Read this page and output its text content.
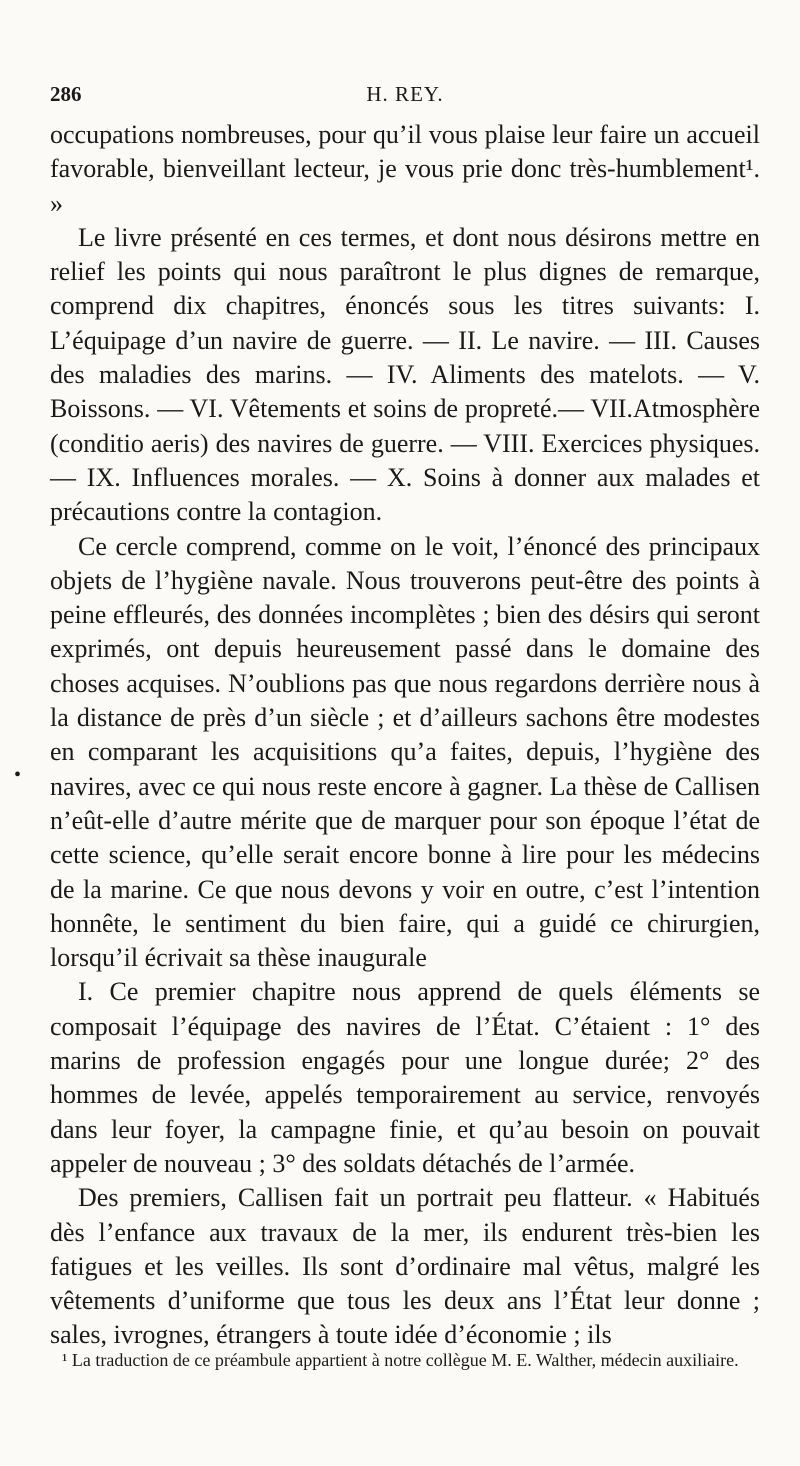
286	H. REY.

occupations nombreuses, pour qu’il vous plaise leur faire un accueil favorable, bienveillant lecteur, je vous prie donc très-humblement¹. »

Le livre présenté en ces termes, et dont nous désirons mettre en relief les points qui nous paraîtront le plus dignes de remarque, comprend dix chapitres, énoncés sous les titres suivants: I. L’équipage d’un navire de guerre. — II. Le navire. — III. Causes des maladies des marins. — IV. Aliments des matelots. — V. Boissons. — VI. Vêtements et soins de propreté.— VII.Atmosphère (conditio aeris) des navires de guerre. — VIII. Exercices physiques. — IX. Influences morales. — X. Soins à donner aux malades et précautions contre la contagion.

Ce cercle comprend, comme on le voit, l’énoncé des principaux objets de l’hygiène navale. Nous trouverons peut-être des points à peine effleurés, des données incomplètes ; bien des désirs qui seront exprimés, ont depuis heureusement passé dans le domaine des choses acquises. N’oublions pas que nous regardons derrière nous à la distance de près d’un siècle ; et d’ailleurs sachons être modestes en comparant les acquisitions qu’a faites, depuis, l’hygiène des navires, avec ce qui nous reste encore à gagner. La thèse de Callisen n’eût-elle d’autre mérite que de marquer pour son époque l’état de cette science, qu’elle serait encore bonne à lire pour les médecins de la marine. Ce que nous devons y voir en outre, c’est l’intention honnête, le sentiment du bien faire, qui a guidé ce chirurgien, lorsqu’il écrivait sa thèse inaugurale

I. Ce premier chapitre nous apprend de quels éléments se composait l’équipage des navires de l’État. C’étaient : 1° des marins de profession engagés pour une longue durée; 2° des hommes de levée, appelés temporairement au service, renvoyés dans leur foyer, la campagne finie, et qu’au besoin on pouvait appeler de nouveau ; 3° des soldats détachés de l’armée.

Des premiers, Callisen fait un portrait peu flatteur. « Habitués dès l’enfance aux travaux de la mer, ils endurent très-bien les fatigues et les veilles. Ils sont d’ordinaire mal vêtus, malgré les vêtements d’uniforme que tous les deux ans l’État leur donne ; sales, ivrognes, étrangers à toute idée d’économie ; ils

•

¹ La traduction de ce préambule appartient à notre collègue M. E. Walther, médecin auxiliaire.
